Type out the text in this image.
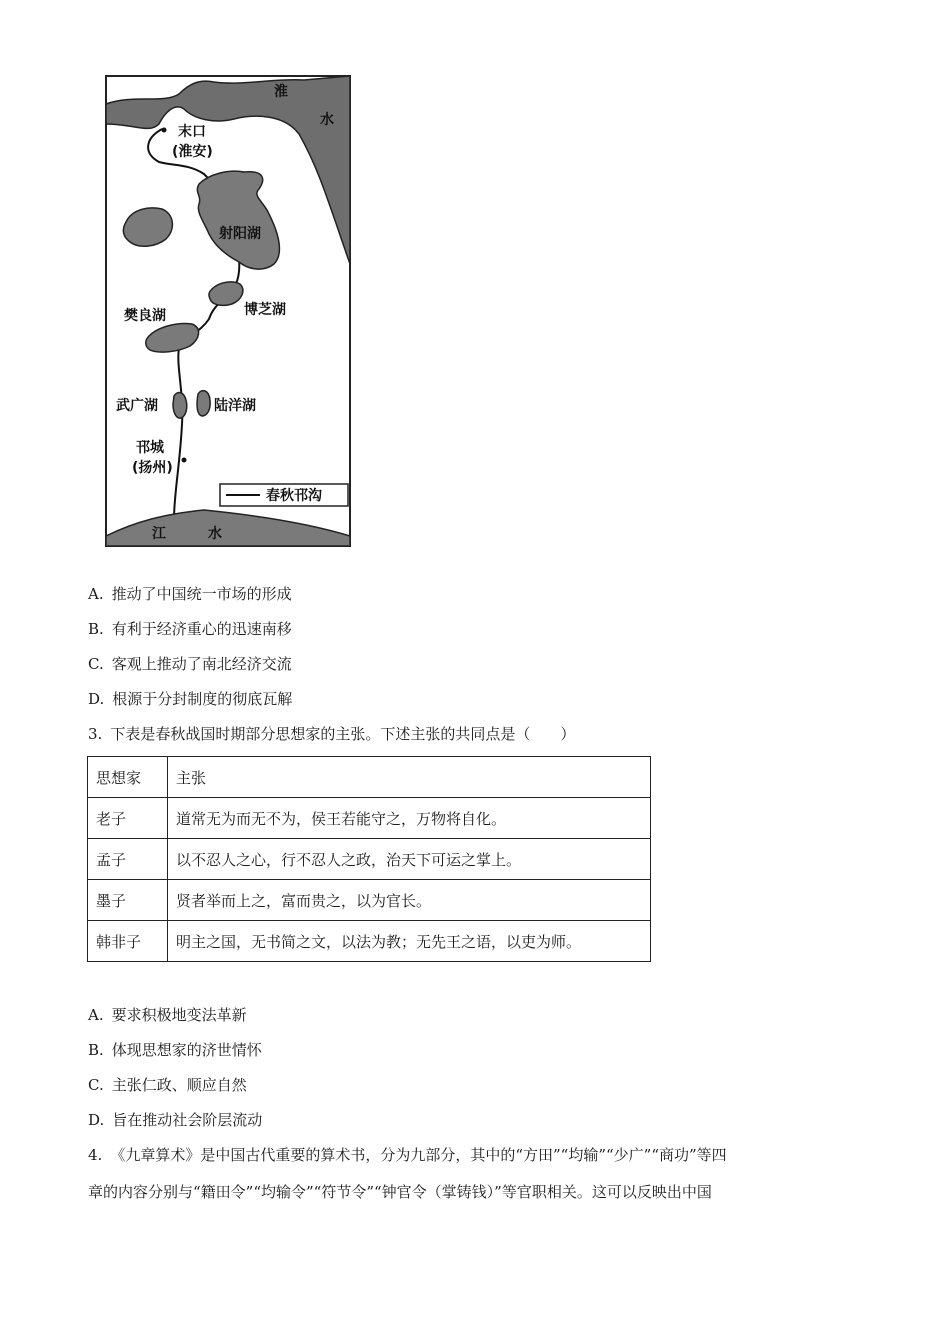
淮
水
末口
(淮安)
射阳湖
博芝湖
樊良湖
武广湖	陆洋湖
邗城
(扬州)
江	水
春秋邗沟
A. 推动了中国统一市场的形成
B. 有利于经济重心的迅速南移
C. 客观上推动了南北经济交流
D. 根源于分封制度的彻底瓦解
3. 下表是春秋战国时期部分思想家的主张。下述主张的共同点是（　　）
思想家	主张
老子	道常无为而无不为，侯王若能守之，万物将自化。
孟子	以不忍人之心，行不忍人之政，治天下可运之掌上。
墨子	贤者举而上之，富而贵之，以为官长。
韩非子	明主之国，无书简之文，以法为教；无先王之语，以吏为师。
A. 要求积极地变法革新
B. 体现思想家的济世情怀
C. 主张仁政、顺应自然
D. 旨在推动社会阶层流动
4. 《九章算术》是中国古代重要的算术书，分为九部分，其中的“方田”“均输”“少广”“商功”等四
章的内容分别与“籍田令”“均输令”“符节令”“钟官令（掌铸钱）”等官职相关。这可以反映出中国
